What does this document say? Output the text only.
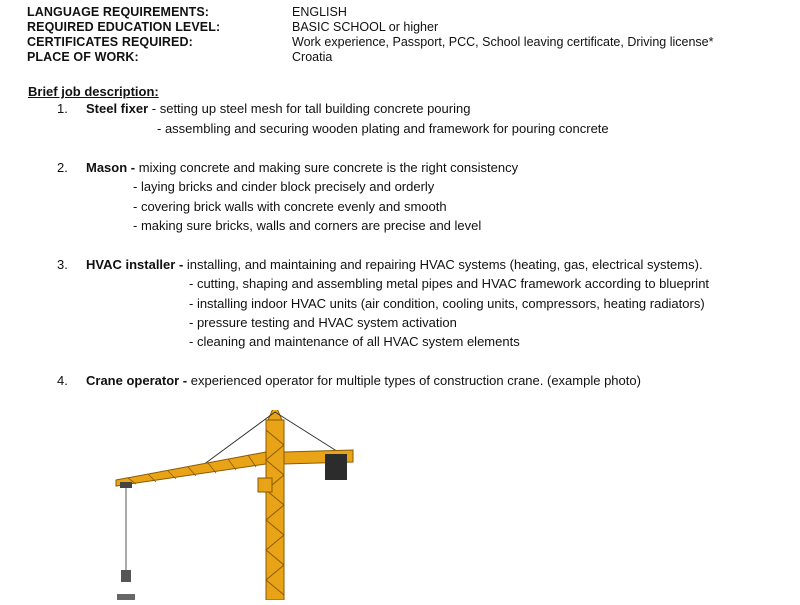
LANGUAGE REQUIREMENTS:	ENGLISH
REQUIRED EDUCATION LEVEL:	BASIC SCHOOL or higher
CERTIFICATES REQUIRED:	Work experience, Passport, PCC, School leaving certificate, Driving license*
PLACE OF WORK:	Croatia
Brief job description:
1. Steel fixer - setting up steel mesh for tall building concrete pouring
- assembling and securing wooden plating and framework for pouring concrete
2. Mason - mixing concrete and making sure concrete is the right consistency
- laying bricks and cinder block precisely and orderly
- covering brick walls with concrete evenly and smooth
- making sure bricks, walls and corners are precise and level
3. HVAC installer - installing, and maintaining and repairing HVAC systems (heating, gas, electrical systems).
- cutting, shaping and assembling metal pipes and HVAC framework according to blueprint
- installing indoor HVAC units (air condition, cooling units, compressors, heating radiators)
- pressure testing and HVAC system activation
- cleaning and maintenance of all HVAC system elements
4. Crane operator - experienced operator for multiple types of construction crane. (example photo)
